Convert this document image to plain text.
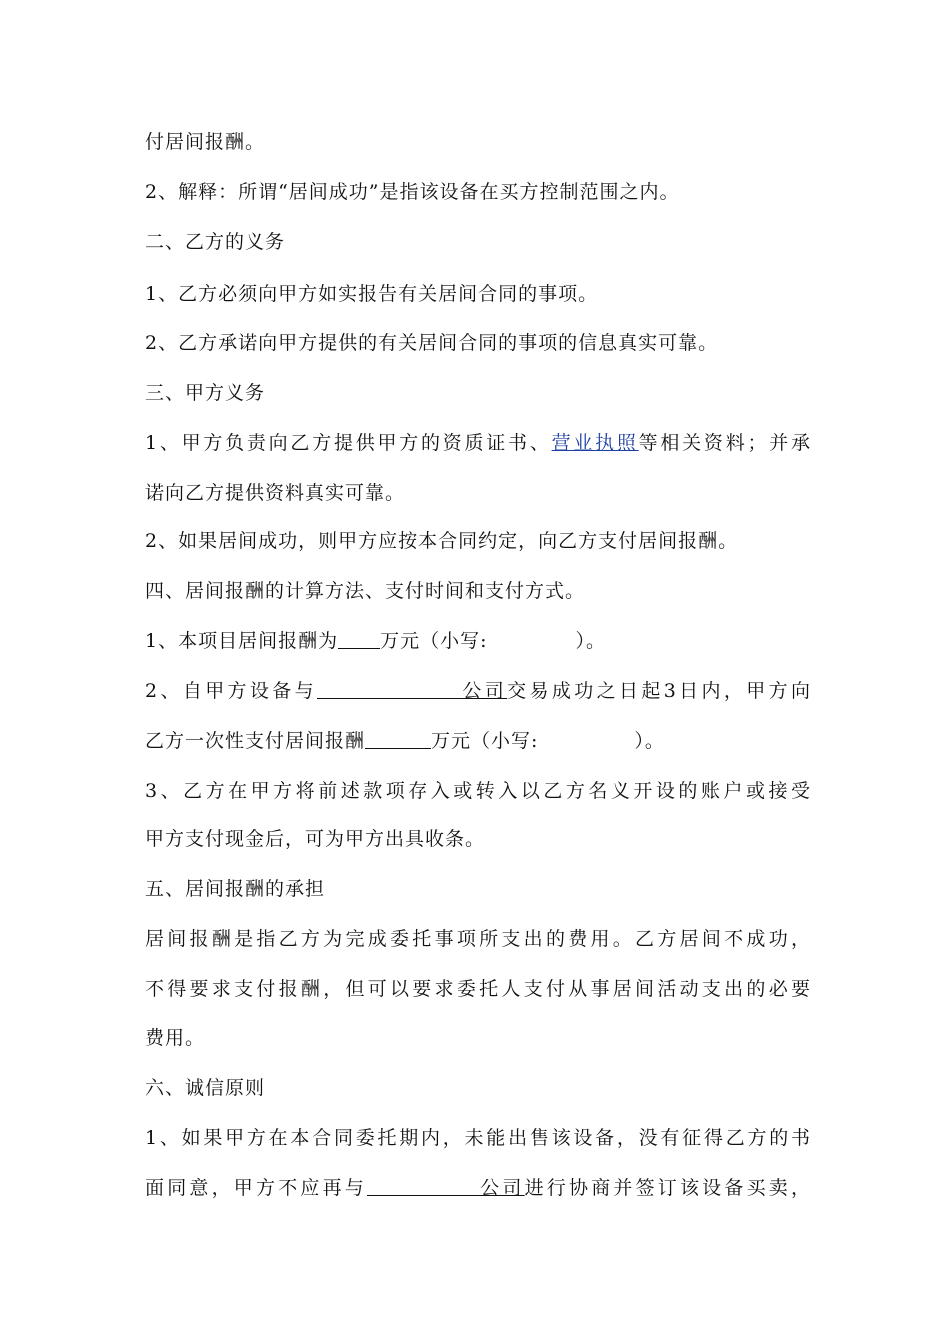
付居间报酬。
2、解释：所谓“居间成功”是指该设备在买方控制范围之内。
二、乙方的义务
1、乙方必须向甲方如实报告有关居间合同的事项。
2、乙方承诺向甲方提供的有关居间合同的事项的信息真实可靠。
三、甲方义务
1、甲方负责向乙方提供甲方的资质证书、营业执照等相关资料；并承
诺向乙方提供资料真实可靠。
2、如果居间成功，则甲方应按本合同约定，向乙方支付居间报酬。
四、居间报酬的计算方法、支付时间和支付方式。
1、本项目居间报酬为 万元（小写:	）。
2、自甲方设备与	公司交易成功之日起3日内，甲方向
乙方一次性支付居间报酬	万元（小写:	）。
3、乙方在甲方将前述款项存入或转入以乙方名义开设的账户或接受
甲方支付现金后，可为甲方出具收条。
五、居间报酬的承担
居间报酬是指乙方为完成委托事项所支出的费用。乙方居间不成功，
不得要求支付报酬，但可以要求委托人支付从事居间活动支出的必要
费用。
六、诚信原则
1、如果甲方在本合同委托期内，未能出售该设备，没有征得乙方的书
面同意，甲方不应再与	公司进行协商并签订该设备买卖，
